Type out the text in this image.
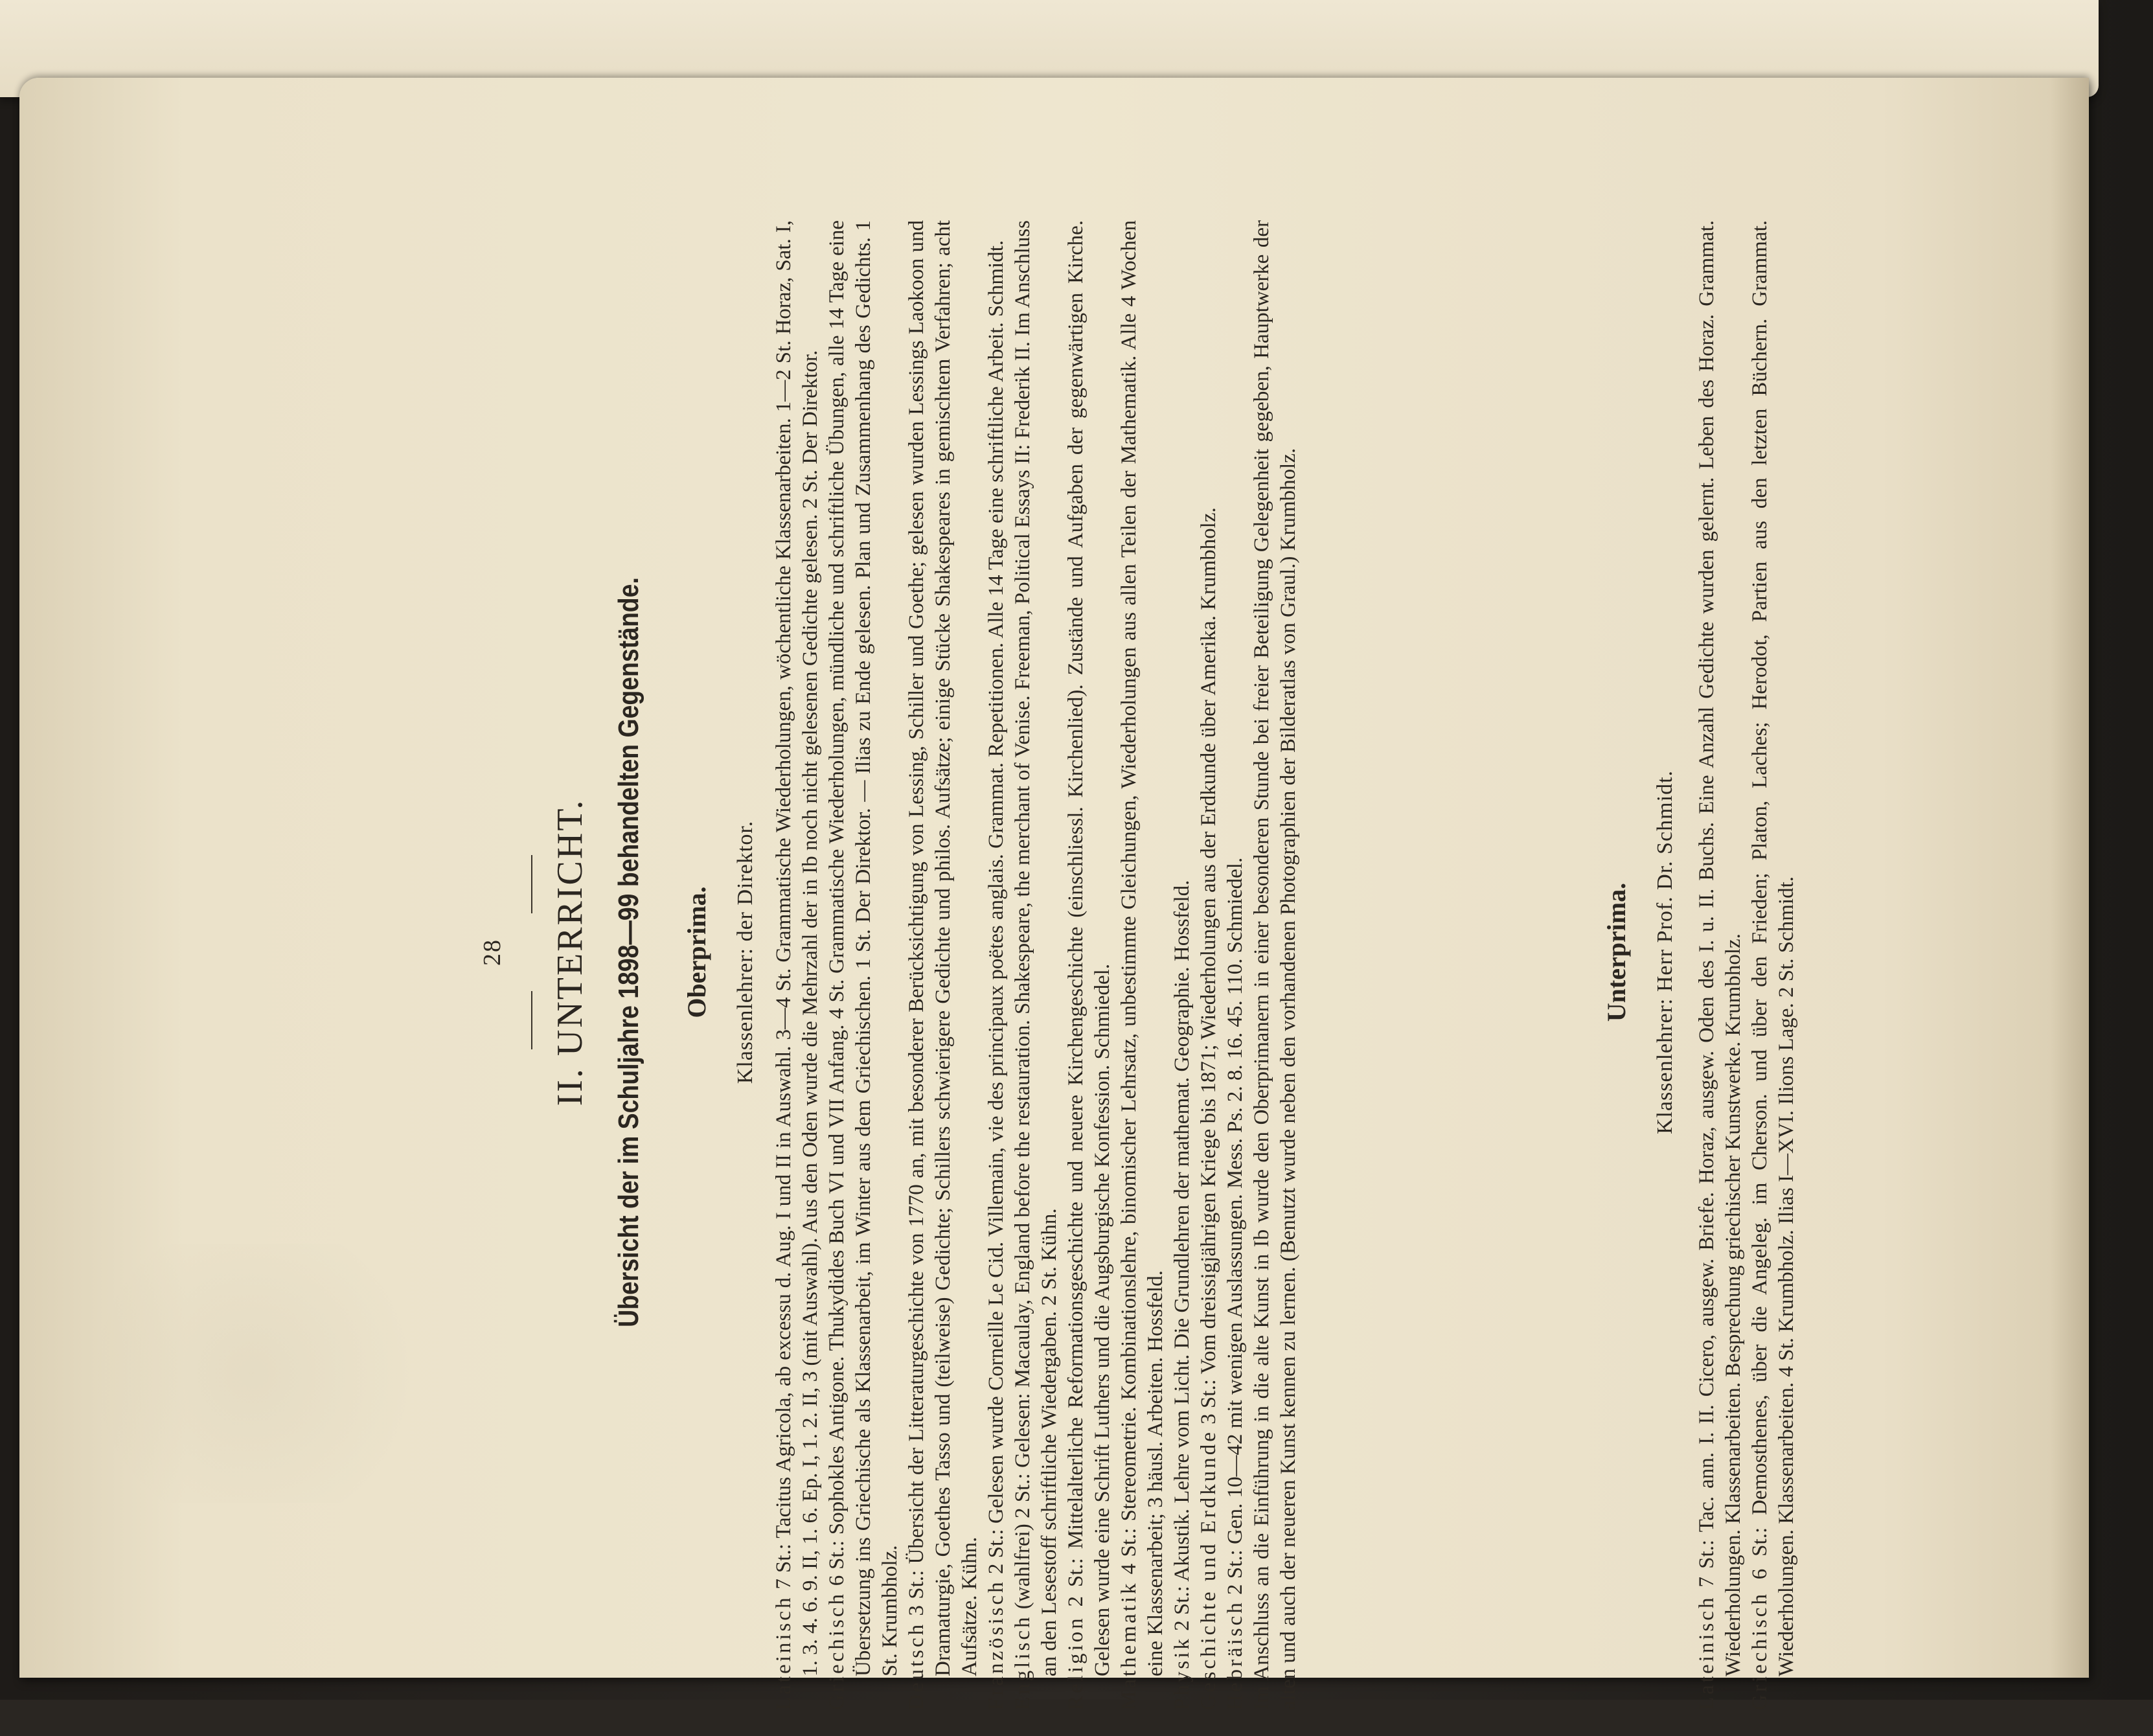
28 II. UNTERRICHT. Übersicht der im Schuljahre 1898—99 behandelten Gegenstände. Oberprima. Klassenlehrer: der Direktor.

Lateinisch 7 St.: Tacitus Agricola, ab excessu d. Aug. I und II in Auswahl. 3—4 St. Grammatische Wiederholungen, wöchentliche Klassenarbeiten. 1—2 St. Horaz, Sat. I, 1. 3. 4. 6. 9. II, 1. 6. Ep. I, 1. 2. II, 3 (mit Auswahl). Aus den Oden wurde die Mehrzahl der in Ib noch nicht gelesenen Gedichte gelesen. 2 St. Der Direktor. Griechisch 6 St.: Sophokles Antigone. Thukydides Buch VI und VII Anfang. 4 St. Grammatische Wiederholungen, mündliche und schriftliche Übungen, alle 14 Tage eine Übersetzung ins Griechische als Klassenarbeit, im Winter aus dem Griechischen. 1 St. Der Direktor. — Ilias zu Ende gelesen. Plan und Zusammenhang des Gedichts. 1 St. Krumbholz. Deutsch 3 St.: Übersicht der Litteraturgeschichte von 1770 an, mit besonderer Berücksichtigung von Lessing, Schiller und Goethe; gelesen wurden Lessings Laokoon und Dramaturgie, Goethes Tasso und (teilweise) Gedichte; Schillers schwierigere Gedichte und philos. Aufsätze; einige Stücke Shakespeares in gemischtem Verfahren; acht Aufsätze. Kühn. Französisch 2 St.: Gelesen wurde Corneille Le Cid. Villemain, vie des principaux poëtes anglais. Grammat. Repetitionen. Alle 14 Tage eine schriftliche Arbeit. Schmidt.

Englisch (wahlfrei) 2 St.: Gelesen: Macaulay, England before the restauration. Shakespeare, the merchant of Venise. Freeman, Political Essays II: Frederik II. Im Anschluss an den Lesestoff schriftliche Wiedergaben. 2 St. Kühn. Religion 2 St.: Mittelalterliche Reformationsgeschichte und neuere Kirchengeschichte (einschliessl. Kirchenlied). Zustände und Aufgaben der gegenwärtigen Kirche. Gelesen wurde eine Schrift Luthers und die Augsburgische Konfession. Schmiedel. Mathematik 4 St.: Stereometrie. Kombinationslehre, binomischer Lehrsatz, unbestimmte Gleichungen, Wiederholungen aus allen Teilen der Mathematik. Alle 4 Wochen eine Klassenarbeit; 3 häusl. Arbeiten. Hossfeld. Physik 2 St.: Akustik. Lehre vom Licht. Die Grundlehren der mathemat. Geographie. Hossfeld. Geschichte und Erdkunde 3 St.: Vom dreissigjährigen Kriege bis 1871; Wiederholungen aus der Erdkunde über Amerika. Krumbholz.

Hebräisch 2 St.: Gen. 10—42 mit wenigen Auslassungen. Mess. Ps. 2. 8. 16. 45. 110. Schmiedel. Im Anschluss an die Einführung in die alte Kunst in Ib wurde den Oberprimanern in einer besonderen Stunde bei freier Beteiligung Gelegenheit gegeben, Hauptwerke der alten und auch der neueren Kunst kennen zu lernen. (Benutzt wurde neben den vorhandenen Photographien der Bilderatlas von Graul.) Krumbholz.	Unterprima. Klassenlehrer: Herr Prof. Dr. Schmidt.

Lateinisch 7 St.: Tac. ann. I. II. Cicero, ausgew. Briefe. Horaz, ausgew. Oden des I. u. II. Buchs. Eine Anzahl Gedichte wurden gelernt. Leben des Horaz. Grammat. Wiederholungen. Klassenarbeiten. Besprechung griechischer Kunstwerke. Krumbholz. Griechisch 6 St.: Demosthenes, über die Angeleg. im Cherson. und über den Frieden; Platon, Laches; Herodot, Partien aus den letzten Büchern. Grammat. Wiederholungen. Klassenarbeiten. 4 St. Krumbholz. Ilias I—XVI. Ilions Lage. 2 St. Schmidt.
